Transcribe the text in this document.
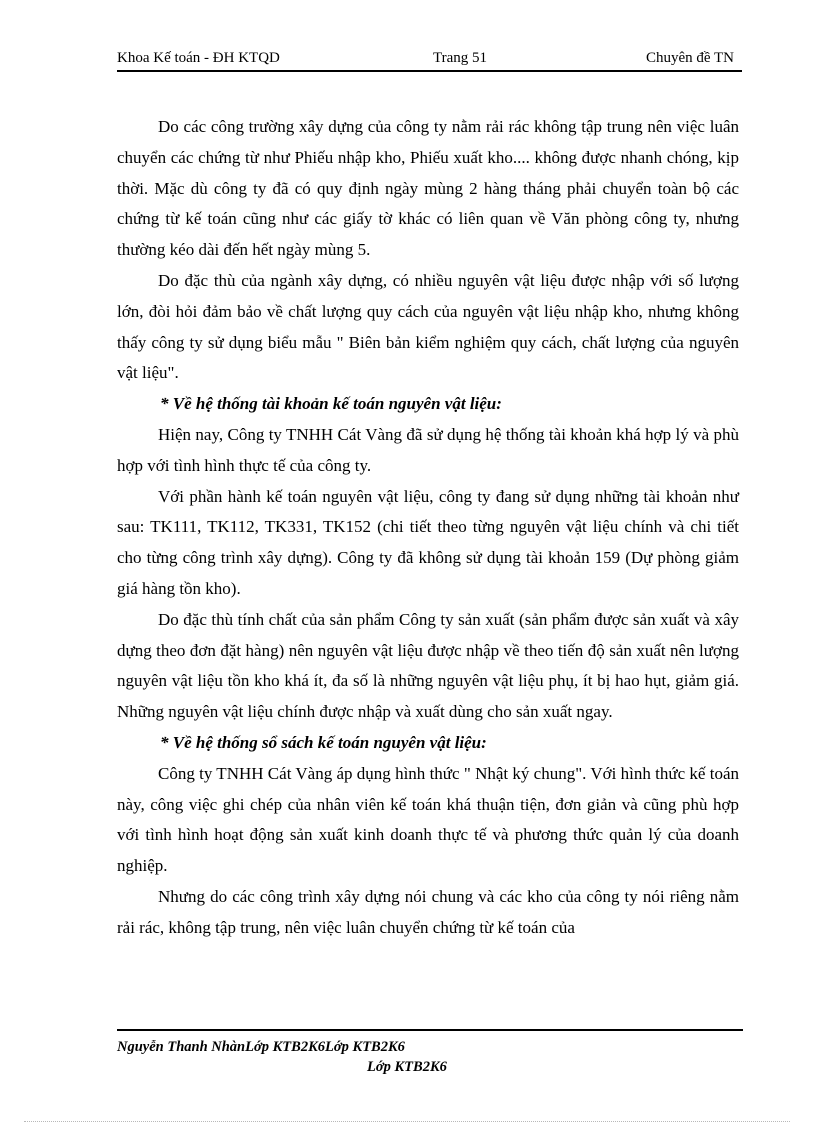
Khoa Kế toán - ĐH KTQD	Trang 51	Chuyên đề TN

Do các công trường xây dựng của công ty nằm rải rác không tập trung nên việc luân chuyển các chứng từ như Phiếu nhập kho, Phiếu xuất kho.... không được nhanh chóng, kịp thời. Mặc dù công ty đã có quy định ngày mùng 2 hàng tháng phải chuyển toàn bộ các chứng từ kế toán cũng như các giấy tờ khác có liên quan về Văn phòng công ty, nhưng thường kéo dài đến hết ngày mùng 5.

Do đặc thù của ngành xây dựng, có nhiều nguyên vật liệu được nhập với số lượng lớn, đòi hỏi đảm bảo về chất lượng quy cách của nguyên vật liệu nhập kho, nhưng không thấy công ty sử dụng biểu mẫu " Biên bản kiểm nghiệm quy cách, chất lượng của nguyên vật liệu".

* Về hệ thống tài khoản kế toán nguyên vật liệu:

Hiện nay, Công ty TNHH Cát Vàng đã sử dụng hệ thống tài khoản khá hợp lý và phù hợp với tình hình thực tế của công ty.

Với phần hành kế toán nguyên vật liệu, công ty đang sử dụng những tài khoản như sau: TK111, TK112, TK331, TK152 (chi tiết theo từng nguyên vật liệu chính và chi tiết cho từng công trình xây dựng). Công ty đã không sử dụng tài khoản 159 (Dự phòng giảm giá hàng tồn kho).

Do đặc thù tính chất của sản phẩm Công ty sản xuất (sản phẩm được sản xuất và xây dựng theo đơn đặt hàng) nên nguyên vật liệu được nhập về theo tiến độ sản xuất nên lượng nguyên vật liệu tồn kho khá ít, đa số là những nguyên vật liệu phụ, ít bị hao hụt, giảm giá. Những nguyên vật liệu chính được nhập và xuất dùng cho sản xuất ngay.

* Về hệ thống sổ sách kế toán nguyên vật liệu:

Công ty TNHH Cát Vàng áp dụng hình thức " Nhật ký chung". Với hình thức kế toán này, công việc ghi chép của nhân viên kế toán khá thuận tiện, đơn giản và cũng phù hợp với tình hình hoạt động sản xuất kinh doanh thực tế và phương thức quản lý của doanh nghiệp.

Nhưng do các công trình xây dựng nói chung và các kho của công ty nói riêng nằm rải rác, không tập trung, nên việc luân chuyển chứng từ kế toán của

Nguyễn Thanh NhànLớp KTB2K6Lớp KTB2K6
Lớp KTB2K6
